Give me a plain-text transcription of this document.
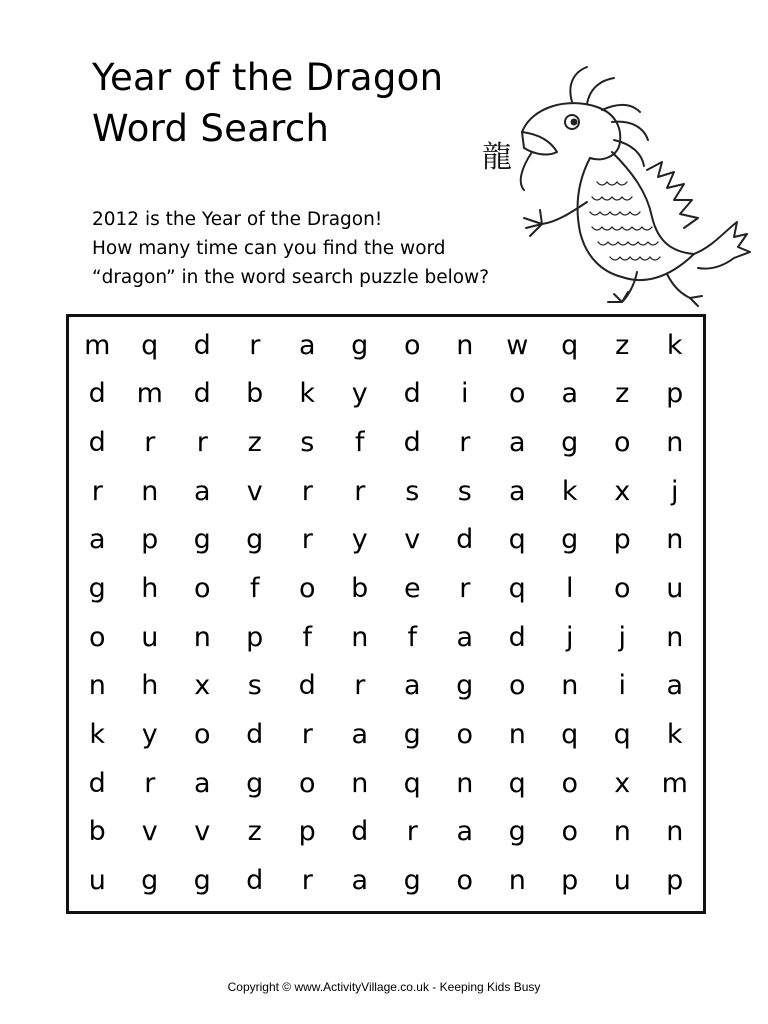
Year of the Dragon
Word Search
2012 is the Year of the Dragon!
How many time can you find the word
“dragon” in the word search puzzle below?
龍
m	q	d	r	a	g	o	n	w	q	z	k
d	m	d	b	k	y	d	i	o	a	z	p
d	r	r	z	s	f	d	r	a	g	o	n
r	n	a	v	r	r	s	s	a	k	x	j
a	p	g	g	r	y	v	d	q	g	p	n
g	h	o	f	o	b	e	r	q	l	o	u
o	u	n	p	f	n	f	a	d	j	j	n
n	h	x	s	d	r	a	g	o	n	i	a
k	y	o	d	r	a	g	o	n	q	q	k
d	r	a	g	o	n	q	n	q	o	x	m
b	v	v	z	p	d	r	a	g	o	n	n
u	g	g	d	r	a	g	o	n	p	u	p
Copyright © www.ActivityVillage.co.uk - Keeping Kids Busy
